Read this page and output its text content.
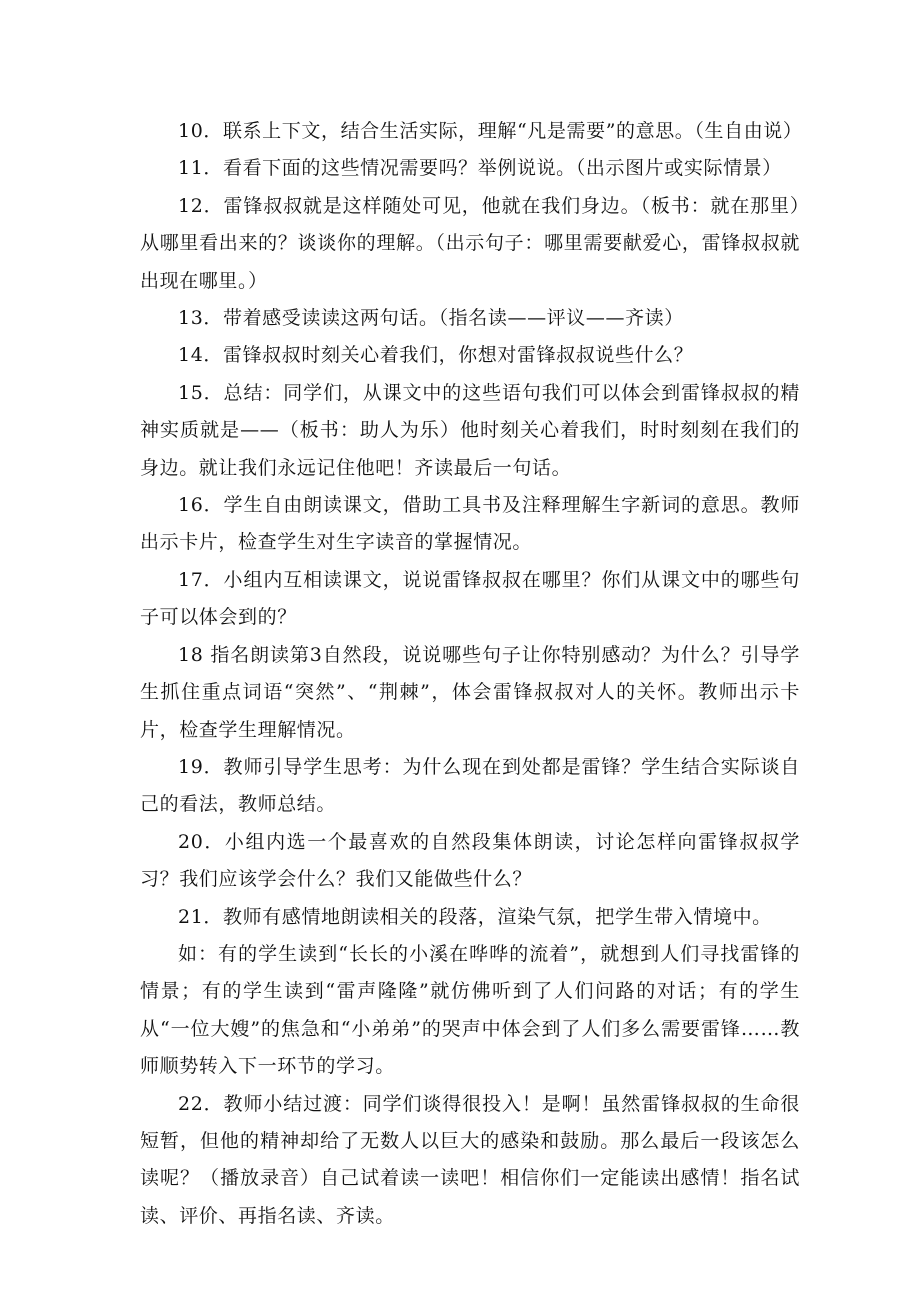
10．联系上下文，结合生活实际，理解“凡是需要”的意思。（生自由说）

11．看看下面的这些情况需要吗？举例说说。（出示图片或实际情景）

12．雷锋叔叔就是这样随处可见，他就在我们身边。（板书：就在那里）从哪里看出来的？谈谈你的理解。（出示句子：哪里需要献爱心，雷锋叔叔就出现在哪里。）

13．带着感受读读这两句话。（指名读——评议——齐读）

14．雷锋叔叔时刻关心着我们，你想对雷锋叔叔说些什么？

15．总结：同学们，从课文中的这些语句我们可以体会到雷锋叔叔的精神实质就是——（板书：助人为乐）他时刻关心着我们，时时刻刻在我们的身边。就让我们永远记住他吧！齐读最后一句话。

16．学生自由朗读课文，借助工具书及注释理解生字新词的意思。教师出示卡片，检查学生对生字读音的掌握情况。

17．小组内互相读课文，说说雷锋叔叔在哪里？你们从课文中的哪些句子可以体会到的？

18 指名朗读第3自然段，说说哪些句子让你特别感动？为什么？引导学生抓住重点词语“突然”、“荆棘”，体会雷锋叔叔对人的关怀。教师出示卡片，检查学生理解情况。

19．教师引导学生思考：为什么现在到处都是雷锋？学生结合实际谈自己的看法，教师总结。

20．小组内选一个最喜欢的自然段集体朗读，讨论怎样向雷锋叔叔学习？我们应该学会什么？我们又能做些什么？

21．教师有感情地朗读相关的段落，渲染气氛，把学生带入情境中。

如：有的学生读到“长长的小溪在哗哗的流着”，就想到人们寻找雷锋的情景；有的学生读到“雷声隆隆”就仿佛听到了人们问路的对话；有的学生从“一位大嫂”的焦急和“小弟弟”的哭声中体会到了人们多么需要雷锋……教师顺势转入下一环节的学习。

22．教师小结过渡：同学们谈得很投入！是啊！虽然雷锋叔叔的生命很短暂，但他的精神却给了无数人以巨大的感染和鼓励。那么最后一段该怎么读呢？（播放录音）自己试着读一读吧！相信你们一定能读出感情！指名试读、评价、再指名读、齐读。
